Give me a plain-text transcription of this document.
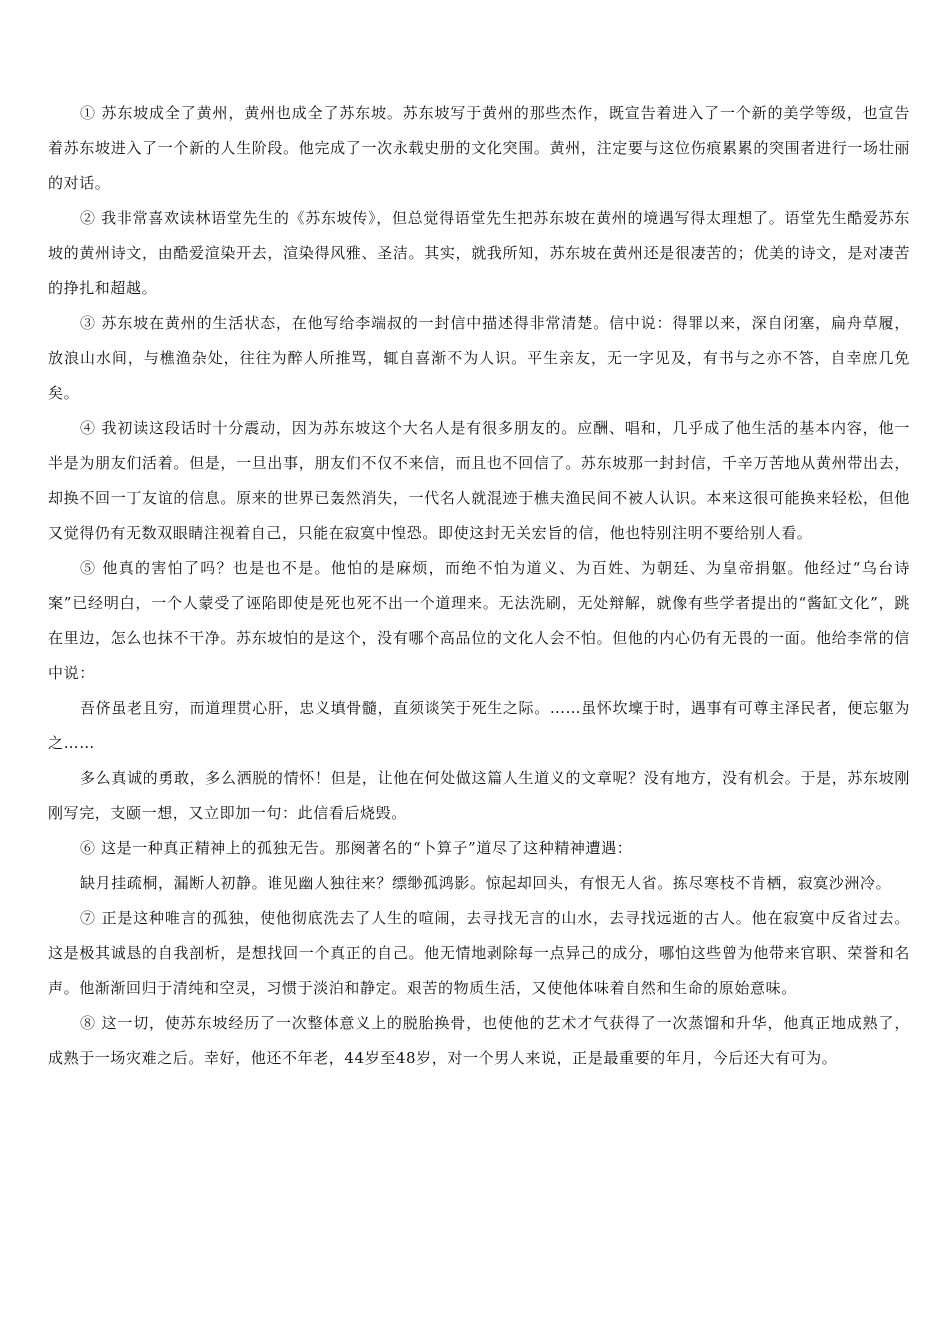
① 苏东坡成全了黄州，黄州也成全了苏东坡。苏东坡写于黄州的那些杰作，既宣告着进入了一个新的美学等级，也宣告着苏东坡进入了一个新的人生阶段。他完成了一次永载史册的文化突围。黄州，注定要与这位伤痕累累的突围者进行一场壮丽的对话。

② 我非常喜欢读林语堂先生的《苏东坡传》，但总觉得语堂先生把苏东坡在黄州的境遇写得太理想了。语堂先生酷爱苏东坡的黄州诗文，由酷爱渲染开去，渲染得风雅、圣洁。其实，就我所知，苏东坡在黄州还是很凄苦的；优美的诗文，是对凄苦的挣扎和超越。

③ 苏东坡在黄州的生活状态，在他写给李端叔的一封信中描述得非常清楚。信中说：得罪以来，深自闭塞，扁舟草履，放浪山水间，与樵渔杂处，往往为醉人所推骂，辄自喜渐不为人识。平生亲友，无一字见及，有书与之亦不答，自幸庶几免矣。

④ 我初读这段话时十分震动，因为苏东坡这个大名人是有很多朋友的。应酬、唱和，几乎成了他生活的基本内容，他一半是为朋友们活着。但是，一旦出事，朋友们不仅不来信，而且也不回信了。苏东坡那一封封信，千辛万苦地从黄州带出去，却换不回一丁友谊的信息。原来的世界已轰然消失，一代名人就混迹于樵夫渔民间不被人认识。本来这很可能换来轻松，但他又觉得仍有无数双眼睛注视着自己，只能在寂寞中惶恐。即使这封无关宏旨的信，他也特别注明不要给别人看。

⑤ 他真的害怕了吗？也是也不是。他怕的是麻烦，而绝不怕为道义、为百姓、为朝廷、为皇帝捐躯。他经过“乌台诗案”已经明白，一个人蒙受了诬陷即使是死也死不出一个道理来。无法洗刷，无处辩解，就像有些学者提出的“酱缸文化”，跳在里边，怎么也抹不干净。苏东坡怕的是这个，没有哪个高品位的文化人会不怕。但他的内心仍有无畏的一面。他给李常的信中说：

吾侪虽老且穷，而道理贯心肝，忠义填骨髓，直须谈笑于死生之际。……虽怀坎壈于时，遇事有可尊主泽民者，便忘躯为之……

多么真诚的勇敢，多么洒脱的情怀！但是，让他在何处做这篇人生道义的文章呢？没有地方，没有机会。于是，苏东坡刚刚写完，支颐一想，又立即加一句：此信看后烧毁。

⑥ 这是一种真正精神上的孤独无告。那阕著名的“卜算子”道尽了这种精神遭遇：

缺月挂疏桐，漏断人初静。谁见幽人独往来？缥缈孤鸿影。惊起却回头，有恨无人省。拣尽寒枝不肯栖，寂寞沙洲冷。

⑦ 正是这种唯言的孤独，使他彻底洗去了人生的喧闹，去寻找无言的山水，去寻找远逝的古人。他在寂寞中反省过去。这是极其诚恳的自我剖析，是想找回一个真正的自己。他无情地剥除每一点异己的成分，哪怕这些曾为他带来官职、荣誉和名声。他渐渐回归于清纯和空灵，习惯于淡泊和静定。艰苦的物质生活，又使他体味着自然和生命的原始意味。

⑧ 这一切，使苏东坡经历了一次整体意义上的脱胎换骨，也使他的艺术才气获得了一次蒸馏和升华，他真正地成熟了，成熟于一场灾难之后。幸好，他还不年老，44岁至48岁，对一个男人来说，正是最重要的年月，今后还大有可为。
